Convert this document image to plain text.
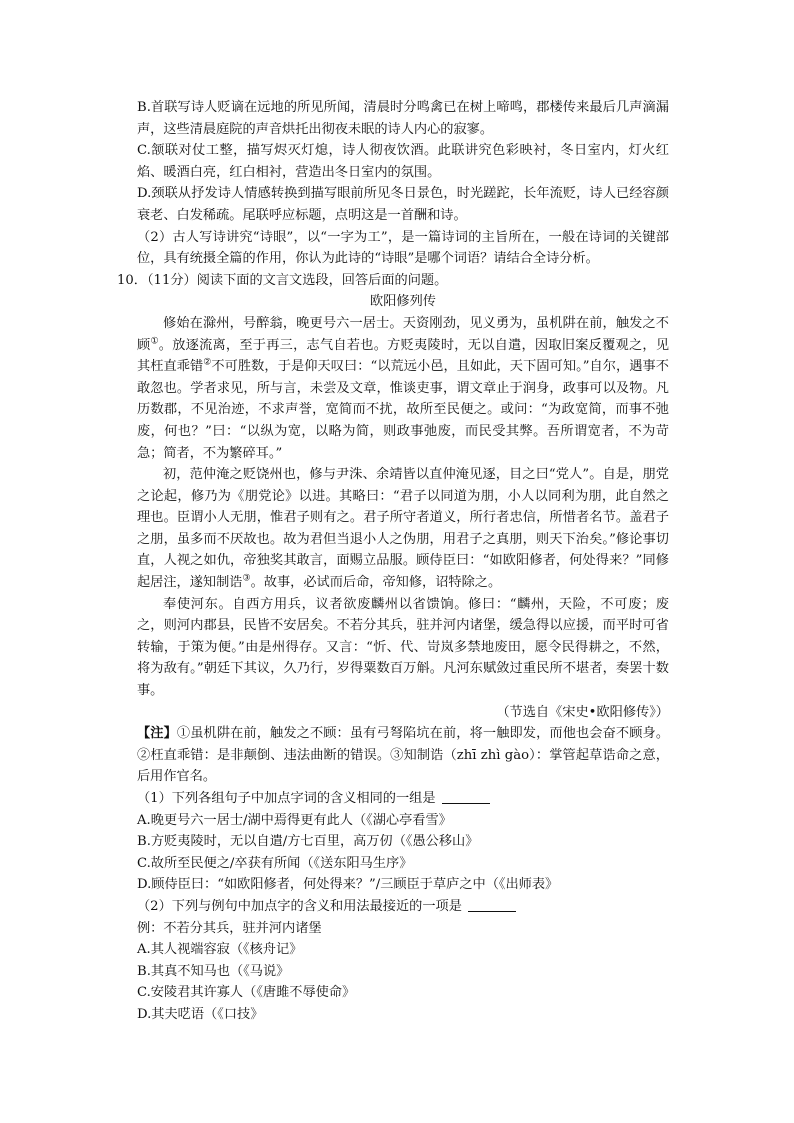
B.首联写诗人贬谪在远地的所见所闻，清晨时分鸣禽已在树上啼鸣，郡楼传来最后几声滴漏声，这些清晨庭院的声音烘托出彻夜未眠的诗人内心的寂寥。

C.颔联对仗工整，描写烬灭灯熄，诗人彻夜饮酒。此联讲究色彩映衬，冬日室内，灯火红焰、暖酒白亮，红白相衬，营造出冬日室内的氛围。

D.颈联从抒发诗人情感转换到描写眼前所见冬日景色，时光蹉跎，长年流贬，诗人已经容颜衰老、白发稀疏。尾联呼应标题，点明这是一首酬和诗。

（2）古人写诗讲究“诗眼”，以“一字为工”，是一篇诗词的主旨所在，一般在诗词的关键部位，具有统摄全篇的作用，你认为此诗的“诗眼”是哪个词语？请结合全诗分析。

10．（11分）阅读下面的文言文选段，回答后面的问题。

欧阳修列传

修始在滁州，号醉翁，晚更号六一居士。天资刚劲，见义勇为，虽机阱在前，触发之不顾①。放逐流离，至于再三，志气自若也。方贬夷陵时，无以自遣，因取旧案反覆观之，见其枉直乖错②不可胜数，于是仰天叹曰：“以荒远小邑，且如此，天下固可知。”自尔，遇事不敢忽也。学者求见，所与言，未尝及文章，惟谈吏事，谓文章止于润身，政事可以及物。凡历数郡，不见治迹，不求声誉，宽简而不扰，故所至民便之。或问：“为政宽简，而事不弛废，何也？”曰：“以纵为宽，以略为简，则政事弛废，而民受其弊。吾所谓宽者，不为苛急；简者，不为繁碎耳。”

初，范仲淹之贬饶州也，修与尹洙、余靖皆以直仲淹见逐，目之曰“党人”。自是，朋党之论起，修乃为《朋党论》以进。其略曰：“君子以同道为朋，小人以同利为朋，此自然之理也。臣谓小人无朋，惟君子则有之。君子所守者道义，所行者忠信，所惜者名节。盖君子之朋，虽多而不厌故也。故为君但当退小人之伪朋，用君子之真朋，则天下治矣。”修论事切直，人视之如仇，帝独奖其敢言，面赐立品服。顾侍臣曰：“如欧阳修者，何处得来？”同修起居注，遂知制诰③。故事，必试而后命，帝知修，诏特除之。

奉使河东。自西方用兵，议者欲废麟州以省馈饷。修曰：“麟州，天险，不可废；废之，则河内郡县，民皆不安居矣。不若分其兵，驻并河内诸堡，缓急得以应援，而平时可省转输，于策为便。”由是州得存。又言：“忻、代、岢岚多禁地废田，愿令民得耕之，不然，将为敌有。”朝廷下其议，久乃行，岁得粟数百万斛。凡河东赋敛过重民所不堪者，奏罢十数事。

（节选自《宋史•欧阳修传》）

【注】①虽机阱在前，触发之不顾：虽有弓弩陷坑在前，将一触即发，而他也会奋不顾身。②枉直乖错：是非颠倒、违法曲断的错误。③知制诰（zhī zhì gào）：掌管起草诰命之意，后用作官名。

（1）下列各组句子中加点字词的含义相同的一组是

A.晚更号六一居士/湖中焉得更有此人（《湖心亭看雪》

B.方贬夷陵时，无以自遣/方七百里，高万仞（《愚公移山》

C.故所至民便之/卒获有所闻（《送东阳马生序》

D.顾侍臣曰：“如欧阳修者，何处得来？”/三顾臣于草庐之中（《出师表》

（2）下列与例句中加点字的含义和用法最接近的一项是

例：不若分其兵，驻并河内诸堡

A.其人视端容寂（《核舟记》

B.其真不知马也（《马说》

C.安陵君其许寡人（《唐雎不辱使命》

D.其夫呓语（《口技》
